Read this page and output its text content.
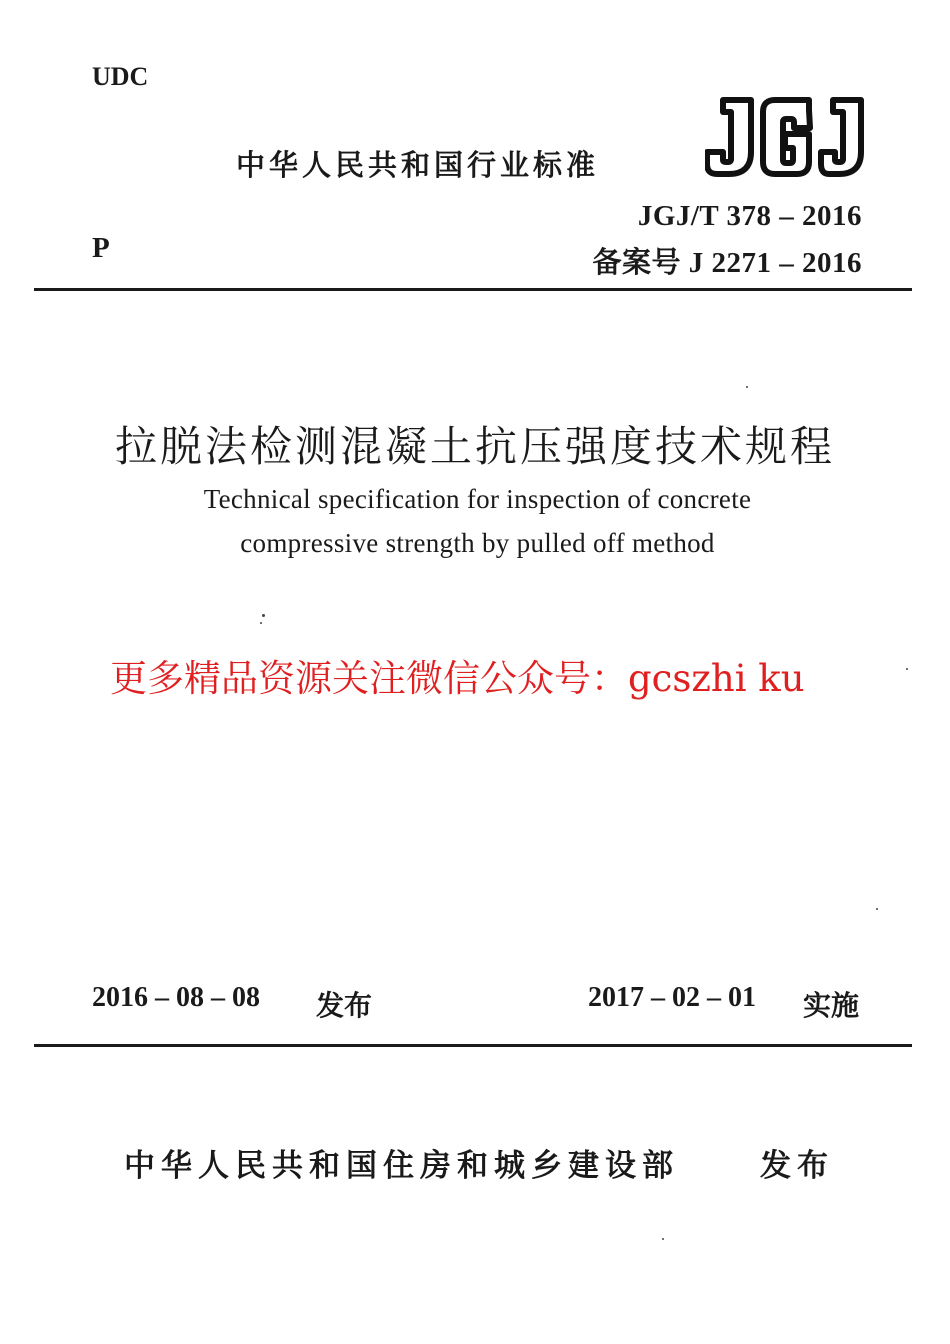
UDC
中华人民共和国行业标准
JGJ/T 378 – 2016
备案号 J 2271 – 2016
P
拉脱法检测混凝土抗压强度技术规程
Technical specification for inspection of concrete
compressive strength by pulled off method
更多精品资源关注微信公众号：gcszhi ku
2016 – 08 – 08 发布	2017 – 02 – 01 实施
中华人民共和国住房和城乡建设部	发布
